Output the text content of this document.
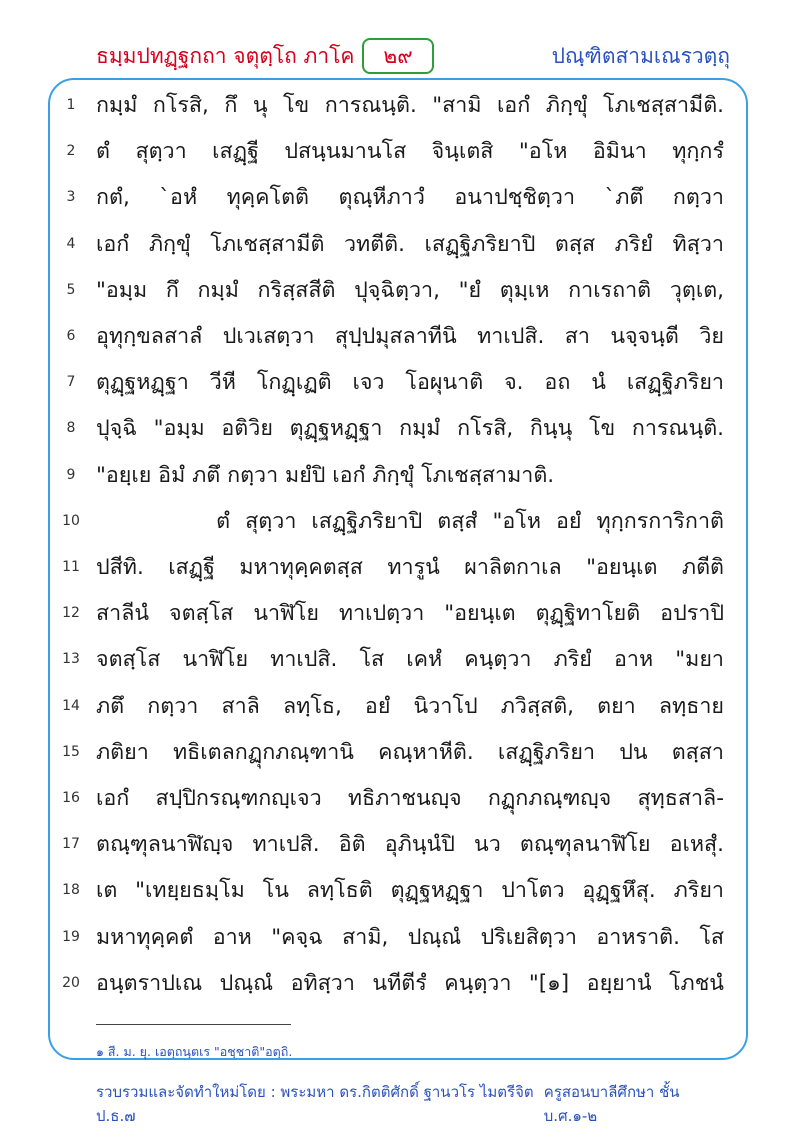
ธมฺมปทฏฺฐกถา จตุตฺโถ ภาโค	๒๙	ปณฺฑิตสามเณรวตฺถุ
1 กมฺมํ กโรสิ, กึ นุ โข การณนฺติ. "สามิ เอกํ ภิกฺขุํ โภเชสฺสามีติ.
2 ตํ สุตฺวา เสฏฺฐี ปสนฺนมานโส จินฺเตสิ "อโห อิมินา ทุกฺกรํ
3 กตํ, `อหํ ทุคฺคโตติ ตุณฺหีภาวํ อนาปชฺชิตฺวา `ภตึ กตฺวา
4 เอกํ ภิกฺขุํ โภเชสฺสามีติ วทตีติ. เสฏฺฐิภริยาปิ ตสฺส ภริยํ ทิสฺวา
5 "อมฺม กึ กมฺมํ กริสฺสสีติ ปุจฺฉิตฺวา, "ยํ ตุมฺเห กาเรถาติ วุตฺเต,
6 อุทุกฺขลสาลํ ปเวเสตฺวา สุปฺปมุสลาทีนิ ทาเปสิ. สา นจฺจนฺตี วิย
7 ตุฏฺฐหฏฺฐา วีหี โกฏฺเฏติ เจว โอผุนาติ จ. อถ นํ เสฏฺฐิภริยา
8 ปุจฺฉิ "อมฺม อติวิย ตุฏฺฐหฏฺฐา กมฺมํ กโรสิ, กินฺนุ โข การณนฺติ.
9 "อยฺเย อิมํ ภตึ กตฺวา มยํปิ เอกํ ภิกฺขุํ โภเชสฺสามาติ.
10 ตํ สุตฺวา เสฏฺฐิภริยาปิ ตสฺสํ "อโห อยํ ทุกฺกรการิกาติ
11 ปสีทิ. เสฏฺฐี มหาทุคฺคตสฺส ทารูนํ ผาลิตกาเล "อยนฺเต ภตีติ
12 สาลีนํ จตสฺโส นาฬิโย ทาเปตฺวา "อยนฺเต ตุฏฺฐิทาโยติ อปราปิ
13 จตสฺโส นาฬิโย ทาเปสิ. โส เคหํ คนฺตฺวา ภริยํ อาห "มยา
14 ภตึ กตฺวา สาลิ ลทฺโธ, อยํ นิวาโป ภวิสฺสติ, ตยา ลทฺธาย
15 ภติยา ทธิเตลกฏุกภณฺฑานิ คณฺหาหีติ. เสฏฺฐิภริยา ปน ตสฺสา
16 เอกํ สปฺปิกรณฺฑกญฺเจว ทธิภาชนญฺจ กฏุกภณฺฑญฺจ สุทฺธสาลิ-
17 ตณฺฑุลนาฬิญฺจ ทาเปสิ. อิติ อุภินฺนํปิ นว ตณฺฑุลนาฬิโย อเหสุํ.
18 เต "เทยฺยธมฺโม โน ลทฺโธติ ตุฏฺฐหฏฺฐา ปาโตว อุฏฺฐหึสุ. ภริยา
19 มหาทุคฺคตํ อาห "คจฺฉ สามิ, ปณฺณํ ปริเยสิตฺวา อาหราติ. โส
20 อนฺตราปเณ ปณฺณํ อทิสฺวา นทีตีรํ คนฺตฺวา "[๑] อยฺยานํ โภชนํ
๑ สี. ม. ยุ. เอตฺถนฺตเร "อชฺชาติ"อตฺถิ.
รวบรวมและจัดทำใหม่โดย : พระมหา ดร.กิตติศักดิ์ ฐานวโร ไมตรีจิต ป.ธ.๗
ครูสอนบาลีศึกษา ชั้น บ.ศ.๑-๒
